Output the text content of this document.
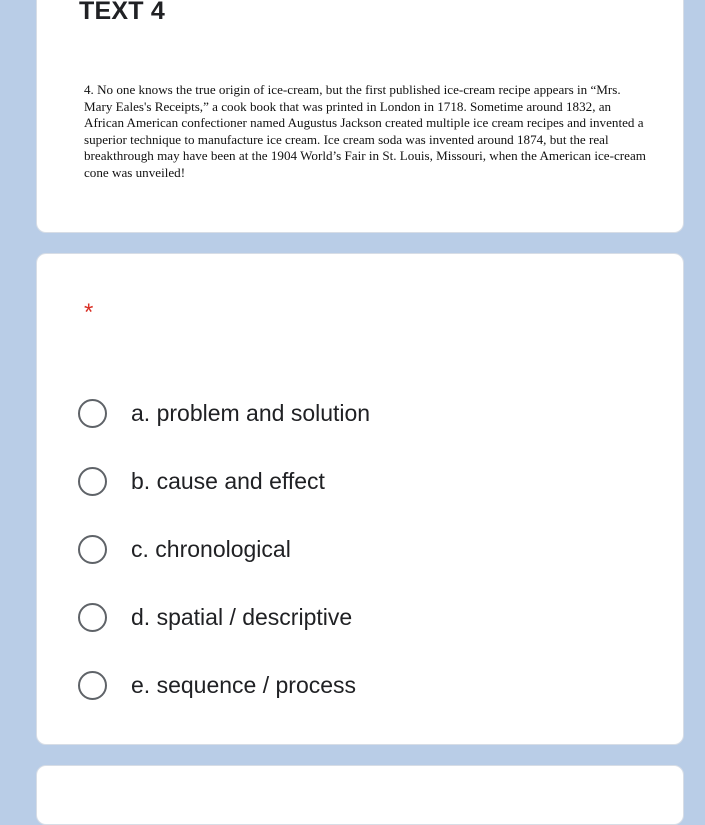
TEXT 4

4. No one knows the true origin of ice-cream, but the first published ice-cream recipe appears in “Mrs. Mary Eales's Receipts,” a cook book that was printed in London in 1718. Sometime around 1832, an African American confectioner named Augustus Jackson created multiple ice cream recipes and invented a superior technique to manufacture ice cream. Ice cream soda was invented around 1874, but the real breakthrough may have been at the 1904 World’s Fair in St. Louis, Missouri, when the American ice-cream cone was unveiled!

*
a. problem and solution
b. cause and effect
c. chronological
d. spatial / descriptive
e. sequence / process
